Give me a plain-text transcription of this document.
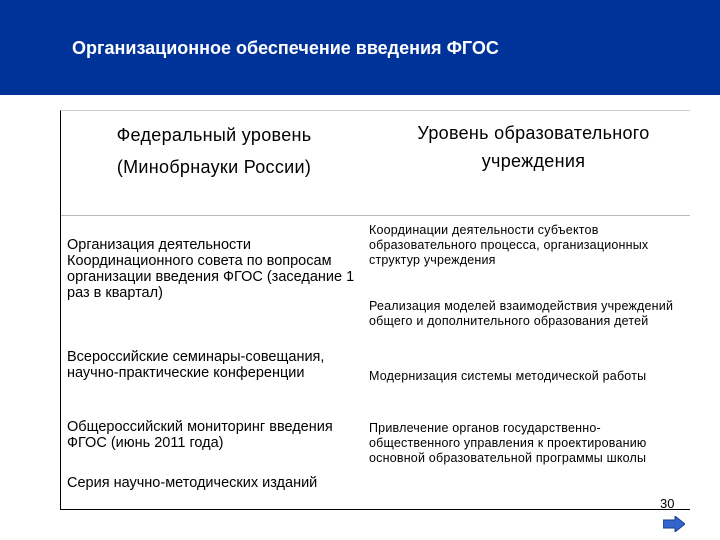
Организационное обеспечение введения ФГОС
Федеральный уровень
(Минобрнауки России)
Уровень образовательного учреждения
Организация деятельности Координационного совета по вопросам организации введения ФГОС (заседание 1 раз в квартал)
Всероссийские семинары-совещания, научно-практические конференции
Общероссийский мониторинг введения ФГОС (июнь 2011 года)
Серия научно-методических изданий
Координации деятельности субъектов образовательного процесса, организационных структур учреждения
Реализация моделей взаимодействия учреждений общего и дополнительного образования детей
Модернизация системы методической работы
Привлечение органов государственно-общественного управления к проектированию основной образовательной программы школы
30
